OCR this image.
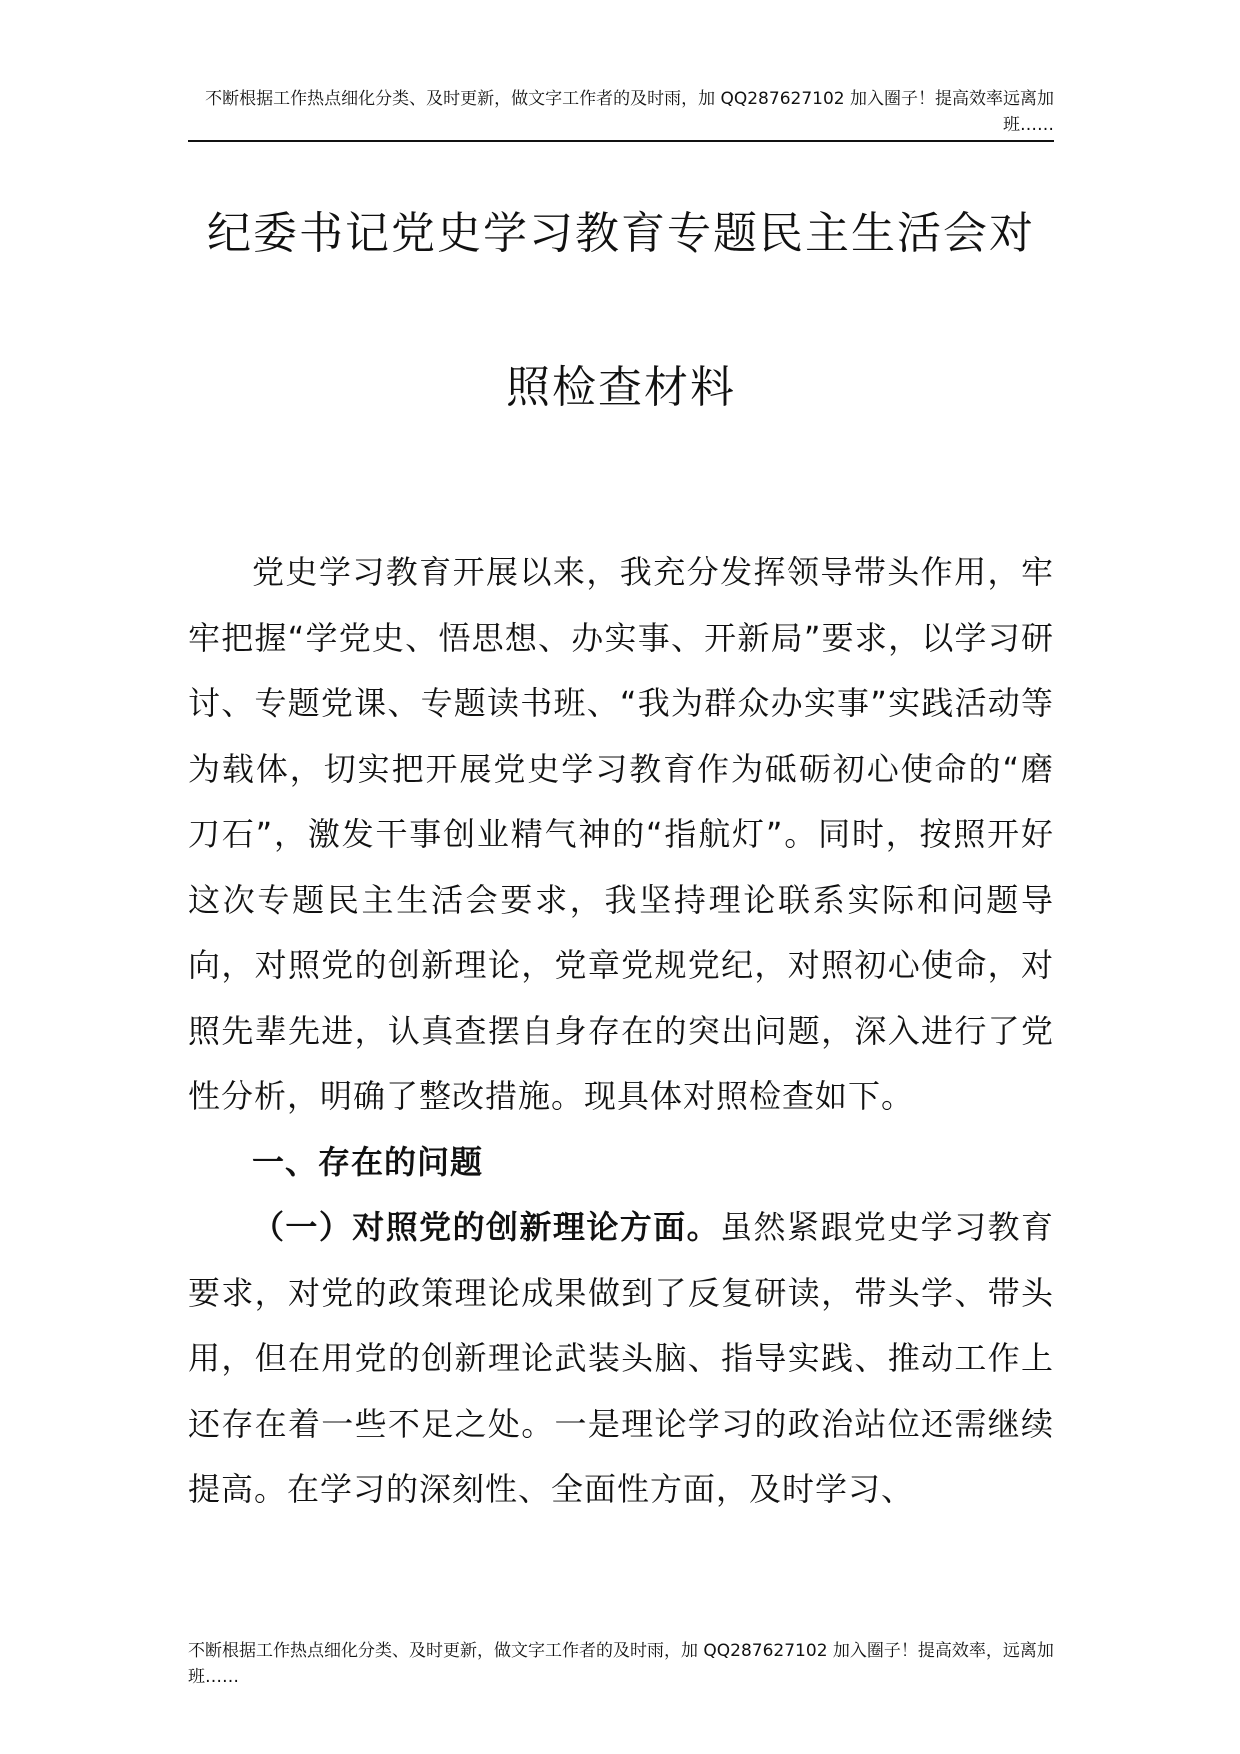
不断根据工作热点细化分类、及时更新，做文字工作者的及时雨，加 QQ287627102 加入圈子！提高效率远离加班……
纪委书记党史学习教育专题民主生活会对
照检查材料

党史学习教育开展以来，我充分发挥领导带头作用，牢牢把握“学党史、悟思想、办实事、开新局”要求，以学习研讨、专题党课、专题读书班、“我为群众办实事”实践活动等为载体，切实把开展党史学习教育作为砥砺初心使命的“磨刀石”，激发干事创业精气神的“指航灯”。同时，按照开好这次专题民主生活会要求，我坚持理论联系实际和问题导向，对照党的创新理论，党章党规党纪，对照初心使命，对照先辈先进，认真查摆自身存在的突出问题，深入进行了党性分析，明确了整改措施。现具体对照检查如下。

一、存在的问题

（一）对照党的创新理论方面。虽然紧跟党史学习教育要求，对党的政策理论成果做到了反复研读，带头学、带头用，但在用党的创新理论武装头脑、指导实践、推动工作上还存在着一些不足之处。一是理论学习的政治站位还需继续提高。在学习的深刻性、全面性方面，及时学习、

不断根据工作热点细化分类、及时更新，做文字工作者的及时雨，加 QQ287627102 加入圈子！提高效率，远离加班……
